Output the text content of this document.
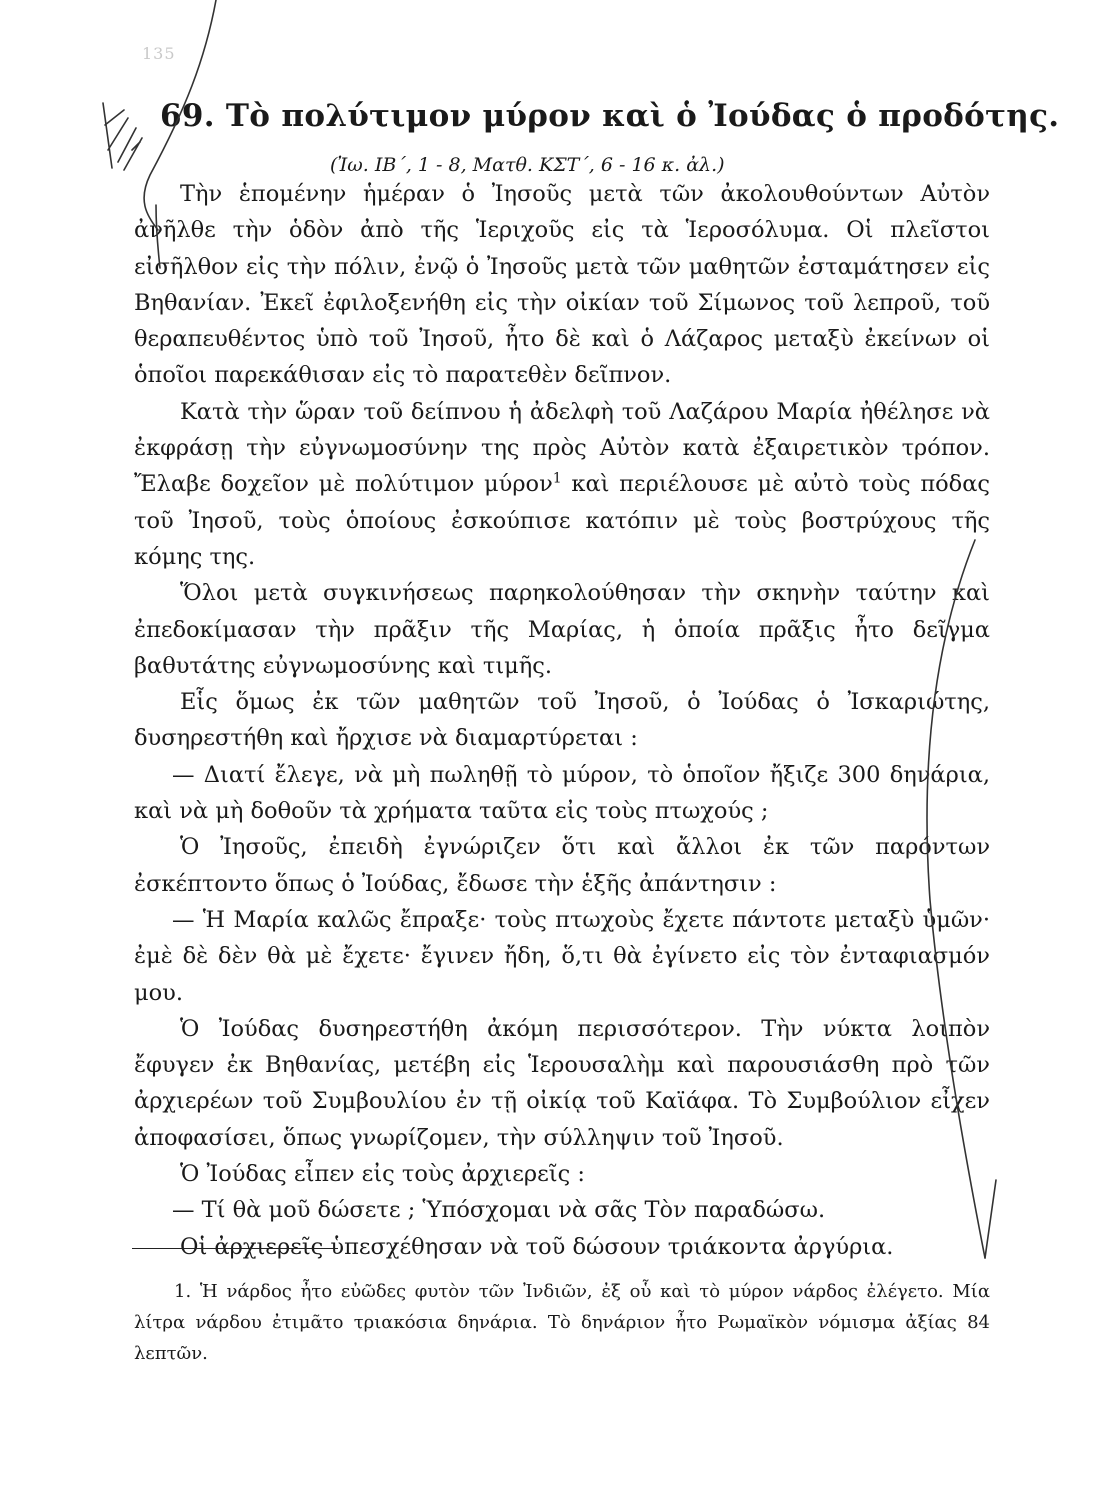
135
69. Τὸ πολύτιμον μύρον καὶ ὁ Ἰούδας ὁ προδότης.
(Ἰω. ΙΒ΄, 1 - 8, Ματθ. ΚΣΤ΄, 6 - 16 κ. ἀλ.)

Τὴν ἑπομένην ἡμέραν ὁ Ἰησοῦς μετὰ τῶν ἀκολουθούντων Αὐτὸν ἀνῆλθε τὴν ὁδὸν ἀπὸ τῆς Ἱεριχοῦς εἰς τὰ Ἱεροσόλυμα. Οἱ πλεῖστοι εἰσῆλθον εἰς τὴν πόλιν, ἐνῷ ὁ Ἰησοῦς μετὰ τῶν μαθητῶν ἐσταμάτησεν εἰς Βηθανίαν. Ἐκεῖ ἐφιλοξενήθη εἰς τὴν οἰκίαν τοῦ Σίμωνος τοῦ λεπροῦ, τοῦ θεραπευθέντος ὑπὸ τοῦ Ἰησοῦ, ἦτο δὲ καὶ ὁ Λάζαρος μεταξὺ ἐκείνων οἱ ὁποῖοι παρεκάθισαν εἰς τὸ παρατεθὲν δεῖπνον.

Κατὰ τὴν ὥραν τοῦ δείπνου ἡ ἀδελφὴ τοῦ Λαζάρου Μαρία ἠθέλησε νὰ ἐκφράσῃ τὴν εὐγνωμοσύνην της πρὸς Αὐτὸν κατὰ ἐξαιρετικὸν τρόπον. Ἔλαβε δοχεῖον μὲ πολύτιμον μύρον$^1$ καὶ περιέλουσε μὲ αὐτὸ τοὺς πόδας τοῦ Ἰησοῦ, τοὺς ὁποίους ἐσκούπισε κατόπιν μὲ τοὺς βοστρύχους τῆς κόμης της.

Ὅλοι μετὰ συγκινήσεως παρηκολούθησαν τὴν σκηνὴν ταύτην καὶ ἐπεδοκίμασαν τὴν πρᾶξιν τῆς Μαρίας, ἡ ὁποία πρᾶξις ἦτο δεῖγμα βαθυτάτης εὐγνωμοσύνης καὶ τιμῆς.

Εἷς ὅμως ἐκ τῶν μαθητῶν τοῦ Ἰησοῦ, ὁ Ἰούδας ὁ Ἰσκαριώτης, δυσηρεστήθη καὶ ἤρχισε νὰ διαμαρτύρεται :

— Διατί ἔλεγε, νὰ μὴ πωληθῇ τὸ μύρον, τὸ ὁποῖον ἤξιζε 300 δηνάρια, καὶ νὰ μὴ δοθοῦν τὰ χρήματα ταῦτα εἰς τοὺς πτωχούς ;

Ὁ Ἰησοῦς, ἐπειδὴ ἐγνώριζεν ὅτι καὶ ἄλλοι ἐκ τῶν παρόντων ἐσκέπτοντο ὅπως ὁ Ἰούδας, ἔδωσε τὴν ἑξῆς ἀπάντησιν :

— Ἡ Μαρία καλῶς ἔπραξε· τοὺς πτωχοὺς ἔχετε πάντοτε μεταξὺ ὑμῶν· ἐμὲ δὲ δὲν θὰ μὲ ἔχετε· ἔγινεν ἤδη, ὅ,τι θὰ ἐγίνετο εἰς τὸν ἐνταφιασμόν μου.

Ὁ Ἰούδας δυσηρεστήθη ἀκόμη περισσότερον. Τὴν νύκτα λοιπὸν ἔφυγεν ἐκ Βηθανίας, μετέβη εἰς Ἱερουσαλὴμ καὶ παρουσιάσθη πρὸ τῶν ἀρχιερέων τοῦ Συμβουλίου ἐν τῇ οἰκίᾳ τοῦ Καϊάφα. Τὸ Συμβούλιον εἶχεν ἀποφασίσει, ὅπως γνωρίζομεν, τὴν σύλληψιν τοῦ Ἰησοῦ.

Ὁ Ἰούδας εἶπεν εἰς τοὺς ἀρχιερεῖς :

— Τί θὰ μοῦ δώσετε ; Ὑπόσχομαι νὰ σᾶς Τὸν παραδώσω.

Οἱ ἀρχιερεῖς ὑπεσχέθησαν νὰ τοῦ δώσουν τριάκοντα ἀργύρια.

1. Ἡ νάρδος ἦτο εὐῶδες φυτὸν τῶν Ἰνδιῶν, ἐξ οὗ καὶ τὸ μύρον νάρδος ἐλέγετο. Μία λίτρα νάρδου ἐτιμᾶτο τριακόσια δηνάρια. Τὸ δηνάριον ἦτο Ρωμαϊκὸν νόμισμα ἀξίας 84 λεπτῶν.
